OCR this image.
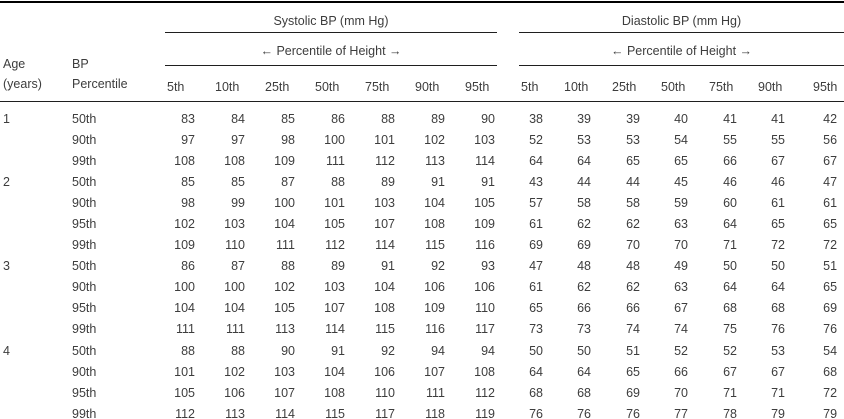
Age
(years)	BP
Percentile	Systolic BP (mm Hg)								Diastolic BP (mm Hg)						
		← Percentile of Height →								← Percentile of Height →						
		5th	10th	25th	50th	75th	90th	95th		5th	10th	25th	50th	75th	90th	95th
1	50th	83	84	85	86	88	89	90		38	39	39	40	41	41	42
	90th	97	97	98	100	101	102	103		52	53	53	54	55	55	56
	99th	108	108	109	111	112	113	114		64	64	65	65	66	67	67
2	50th	85	85	87	88	89	91	91		43	44	44	45	46	46	47
	90th	98	99	100	101	103	104	105		57	58	58	59	60	61	61
	95th	102	103	104	105	107	108	109		61	62	62	63	64	65	65
	99th	109	110	111	112	114	115	116		69	69	70	70	71	72	72
3	50th	86	87	88	89	91	92	93		47	48	48	49	50	50	51
	90th	100	100	102	103	104	106	106		61	62	62	63	64	64	65
	95th	104	104	105	107	108	109	110		65	66	66	67	68	68	69
	99th	111	111	113	114	115	116	117		73	73	74	74	75	76	76
4	50th	88	88	90	91	92	94	94		50	50	51	52	52	53	54
	90th	101	102	103	104	106	107	108		64	64	65	66	67	67	68
	95th	105	106	107	108	110	111	112		68	68	69	70	71	71	72
	99th	112	113	114	115	117	118	119		76	76	76	77	78	79	79
